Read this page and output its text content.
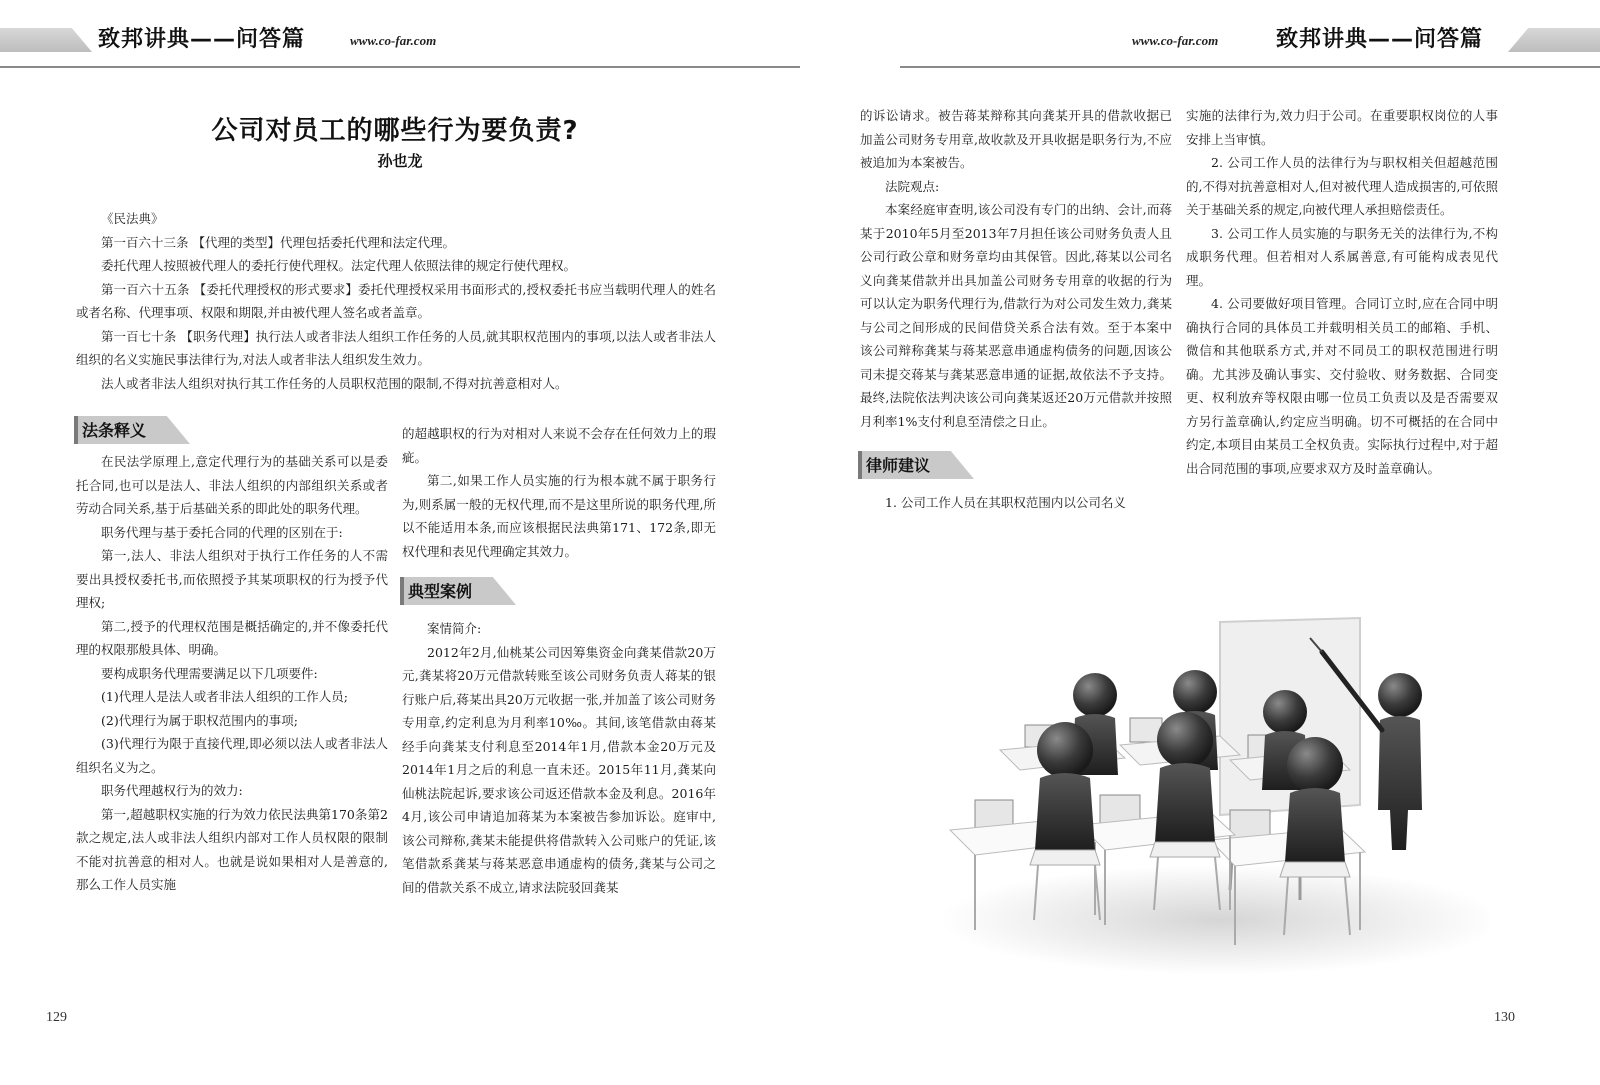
致邦讲典——问答篇	www.co-far.com	www.co-far.com	致邦讲典——问答篇
公司对员工的哪些行为要负责?
孙也龙

《民法典》

第一百六十三条 【代理的类型】代理包括委托代理和法定代理。

委托代理人按照被代理人的委托行使代理权。法定代理人依照法律的规定行使代理权。

第一百六十五条 【委托代理授权的形式要求】委托代理授权采用书面形式的,授权委托书应当载明代理人的姓名或者名称、代理事项、权限和期限,并由被代理人签名或者盖章。

第一百七十条 【职务代理】执行法人或者非法人组织工作任务的人员,就其职权范围内的事项,以法人或者非法人组织的名义实施民事法律行为,对法人或者非法人组织发生效力。

法人或者非法人组织对执行其工作任务的人员职权范围的限制,不得对抗善意相对人。

法条释义

在民法学原理上,意定代理行为的基础关系可以是委托合同,也可以是法人、非法人组织的内部组织关系或者劳动合同关系,基于后基础关系的即此处的职务代理。

职务代理与基于委托合同的代理的区别在于:

第一,法人、非法人组织对于执行工作任务的人不需要出具授权委托书,而依照授予其某项职权的行为授予代理权;

第二,授予的代理权范围是概括确定的,并不像委托代理的权限那般具体、明确。

要构成职务代理需要满足以下几项要件:

(1)代理人是法人或者非法人组织的工作人员;

(2)代理行为属于职权范围内的事项;

(3)代理行为限于直接代理,即必须以法人或者非法人组织名义为之。

职务代理越权行为的效力:

第一,超越职权实施的行为效力依民法典第170条第2款之规定,法人或非法人组织内部对工作人员权限的限制不能对抗善意的相对人。也就是说如果相对人是善意的,那么工作人员实施

的超越职权的行为对相对人来说不会存在任何效力上的瑕疵。

第二,如果工作人员实施的行为根本就不属于职务行为,则系属一般的无权代理,而不是这里所说的职务代理,所以不能适用本条,而应该根据民法典第171、172条,即无权代理和表见代理确定其效力。

典型案例

案情简介:

2012年2月,仙桃某公司因筹集资金向龚某借款20万元,龚某将20万元借款转账至该公司财务负责人蒋某的银行账户后,蒋某出具20万元收据一张,并加盖了该公司财务专用章,约定利息为月利率10‰。其间,该笔借款由蒋某经手向龚某支付利息至2014年1月,借款本金20万元及2014年1月之后的利息一直未还。2015年11月,龚某向仙桃法院起诉,要求该公司返还借款本金及利息。2016年4月,该公司申请追加蒋某为本案被告参加诉讼。庭审中,该公司辩称,龚某未能提供将借款转入公司账户的凭证,该笔借款系龚某与蒋某恶意串通虚构的债务,龚某与公司之间的借款关系不成立,请求法院驳回龚某

的诉讼请求。被告蒋某辩称其向龚某开具的借款收据已加盖公司财务专用章,故收款及开具收据是职务行为,不应被追加为本案被告。

法院观点:

本案经庭审查明,该公司没有专门的出纳、会计,而蒋某于2010年5月至2013年7月担任该公司财务负责人且公司行政公章和财务章均由其保管。因此,蒋某以公司名义向龚某借款并出具加盖公司财务专用章的收据的行为可以认定为职务代理行为,借款行为对公司发生效力,龚某与公司之间形成的民间借贷关系合法有效。至于本案中该公司辩称龚某与蒋某恶意串通虚构债务的问题,因该公司未提交蒋某与龚某恶意串通的证据,故依法不予支持。最终,法院依法判决该公司向龚某返还20万元借款并按照月利率1%支付利息至清偿之日止。

律师建议

1. 公司工作人员在其职权范围内以公司名义

实施的法律行为,效力归于公司。在重要职权岗位的人事安排上当审慎。

2. 公司工作人员的法律行为与职权相关但超越范围的,不得对抗善意相对人,但对被代理人造成损害的,可依照关于基础关系的规定,向被代理人承担赔偿责任。

3. 公司工作人员实施的与职务无关的法律行为,不构成职务代理。但若相对人系属善意,有可能构成表见代理。

4. 公司要做好项目管理。合同订立时,应在合同中明确执行合同的具体员工并载明相关员工的邮箱、手机、微信和其他联系方式,并对不同员工的职权范围进行明确。尤其涉及确认事实、交付验收、财务数据、合同变更、权利放弃等权限由哪一位员工负责以及是否需要双方另行盖章确认,约定应当明确。切不可概括的在合同中约定,本项目由某员工全权负责。实际执行过程中,对于超出合同范围的事项,应要求双方及时盖章确认。

129	130
